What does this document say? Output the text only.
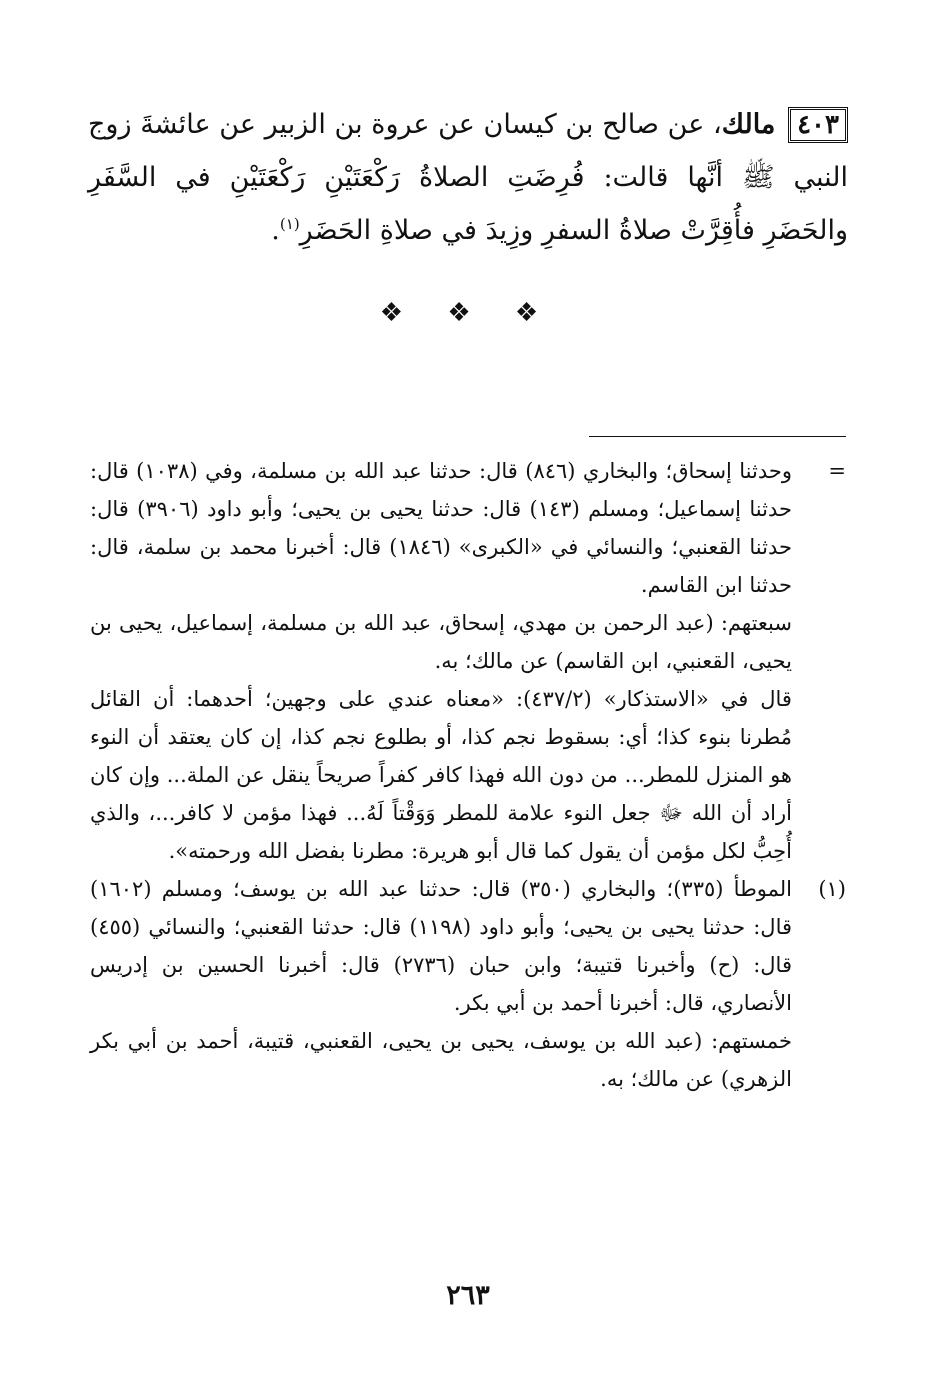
٤٠٣ مالك، عن صالح بن كيسان عن عروة بن الزبير عن عائشةَ زوج النبي ﷺ أنَّها قالت: فُرِضَتِ الصلاةُ رَكْعَتَيْنِ رَكْعَتَيْنِ في السَّفَرِ والحَضَرِ فأُقِرَّتْ صلاةُ السفرِ وزِيدَ في صلاةِ الحَضَرِ$^{(١)}$.

❖ ❖ ❖
=

وحدثنا إسحاق؛ والبخاري (٨٤٦) قال: حدثنا عبد الله بن مسلمة، وفي (١٠٣٨) قال: حدثنا إسماعيل؛ ومسلم (١٤٣) قال: حدثنا يحيى بن يحيى؛ وأبو داود (٣٩٠٦) قال: حدثنا القعنبي؛ والنسائي في «الكبرى» (١٨٤٦) قال: أخبرنا محمد بن سلمة، قال: حدثنا ابن القاسم.

سبعتهم: (عبد الرحمن بن مهدي، إسحاق، عبد الله بن مسلمة، إسماعيل، يحيى بن يحيى، القعنبي، ابن القاسم) عن مالك؛ به.

قال في «الاستذكار» (٤٣٧/٢): «معناه عندي على وجهين؛ أحدهما: أن القائل مُطرنا بنوء كذا؛ أي: بسقوط نجم كذا، أو بطلوع نجم كذا، إن كان يعتقد أن النوء هو المنزل للمطر... من دون الله فهذا كافر كفراً صريحاً ينقل عن الملة... وإن كان أراد أن الله ﷻ جعل النوء علامة للمطر وَوَقْتاً لَهُ... فهذا مؤمن لا كافر...، والذي أُحِبُّ لكل مؤمن أن يقول كما قال أبو هريرة: مطرنا بفضل الله ورحمته».

(١)

الموطأ (٣٣٥)؛ والبخاري (٣٥٠) قال: حدثنا عبد الله بن يوسف؛ ومسلم (١٦٠٢) قال: حدثنا يحيى بن يحيى؛ وأبو داود (١١٩٨) قال: حدثنا القعنبي؛ والنسائي (٤٥٥) قال: (ح) وأخبرنا قتيبة؛ وابن حبان (٢٧٣٦) قال: أخبرنا الحسين بن إدريس الأنصاري، قال: أخبرنا أحمد بن أبي بكر.

خمستهم: (عبد الله بن يوسف، يحيى بن يحيى، القعنبي، قتيبة، أحمد بن أبي بكر الزهري) عن مالك؛ به.

٢٦٣
